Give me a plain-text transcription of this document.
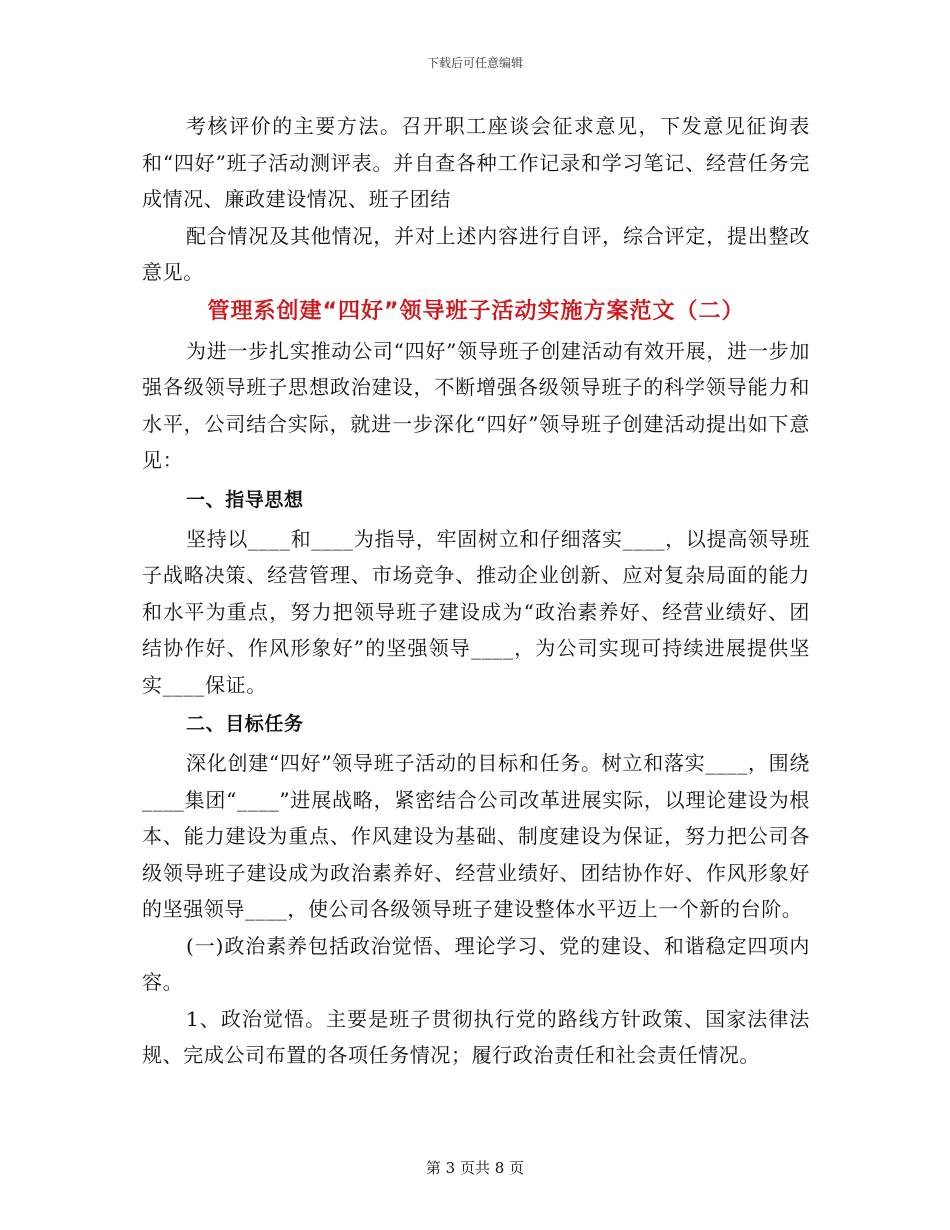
下载后可任意编辑

考核评价的主要方法。召开职工座谈会征求意见，下发意见征询表和“四好”班子活动测评表。并自查各种工作记录和学习笔记、经营任务完成情况、廉政建设情况、班子团结

配合情况及其他情况，并对上述内容进行自评，综合评定，提出整改意见。

管理系创建“四好”领导班子活动实施方案范文（二）

为进一步扎实推动公司“四好”领导班子创建活动有效开展，进一步加强各级领导班子思想政治建设，不断增强各级领导班子的科学领导能力和水平，公司结合实际，就进一步深化“四好”领导班子创建活动提出如下意见：

一、指导思想

坚持以____和____为指导，牢固树立和仔细落实____，以提高领导班子战略决策、经营管理、市场竞争、推动企业创新、应对复杂局面的能力和水平为重点，努力把领导班子建设成为“政治素养好、经营业绩好、团结协作好、作风形象好”的坚强领导____，为公司实现可持续进展提供坚实____保证。

二、目标任务

深化创建“四好”领导班子活动的目标和任务。树立和落实____，围绕____集团“____”进展战略，紧密结合公司改革进展实际，以理论建设为根本、能力建设为重点、作风建设为基础、制度建设为保证，努力把公司各级领导班子建设成为政治素养好、经营业绩好、团结协作好、作风形象好的坚强领导____，使公司各级领导班子建设整体水平迈上一个新的台阶。

(一)政治素养包括政治觉悟、理论学习、党的建设、和谐稳定四项内容。

1、政治觉悟。主要是班子贯彻执行党的路线方针政策、国家法律法规、完成公司布置的各项任务情况；履行政治责任和社会责任情况。

第 3 页共 8 页
